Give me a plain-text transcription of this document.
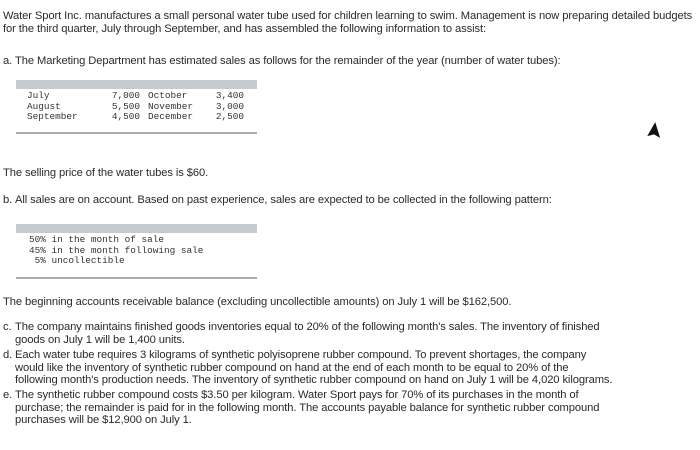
Water Sport Inc. manufactures a small personal water tube used for children learning to swim. Management is now preparing detailed budgets for the third quarter, July through September, and has assembled the following information to assist:

a. The Marketing Department has estimated sales as follows for the remainder of the year (number of water tubes):
July	7,000	October	3,400
August	5,500	November	3,000
September	4,500	December	2,500

The selling price of the water tubes is $60.

b. All sales are on account. Based on past experience, sales are expected to be collected in the following pattern:
50% in the month of sale
45% in the month following sale
5% uncollectible

The beginning accounts receivable balance (excluding uncollectible amounts) on July 1 will be $162,500.

c. The company maintains finished goods inventories equal to 20% of the following month's sales. The inventory of finished
goods on July 1 will be 1,400 units.
d. Each water tube requires 3 kilograms of synthetic polyisoprene rubber compound. To prevent shortages, the company
would like the inventory of synthetic rubber compound on hand at the end of each month to be equal to 20% of the
following month's production needs. The inventory of synthetic rubber compound on hand on July 1 will be 4,020 kilograms.
e. The synthetic rubber compound costs $3.50 per kilogram. Water Sport pays for 70% of its purchases in the month of
purchase; the remainder is paid for in the following month. The accounts payable balance for synthetic rubber compound
purchases will be $12,900 on July 1.
